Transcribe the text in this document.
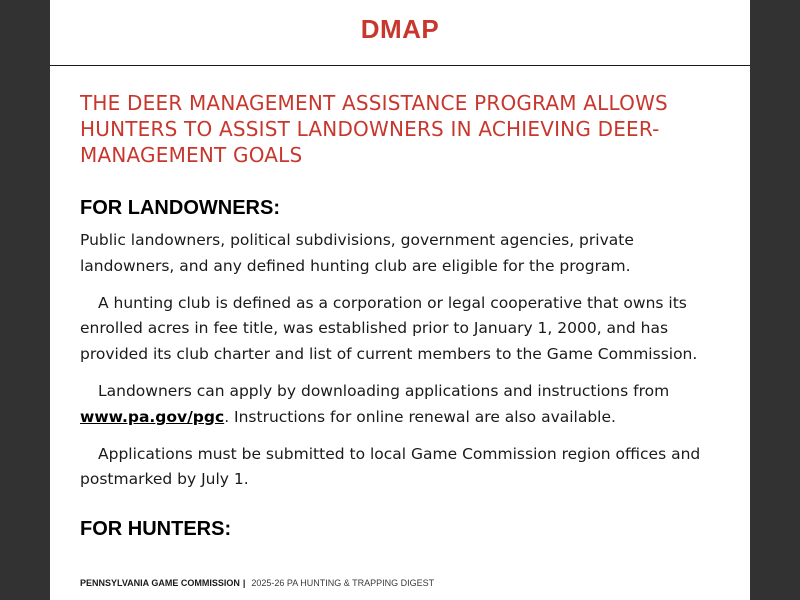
DMAP
THE DEER MANAGEMENT ASSISTANCE PROGRAM ALLOWS HUNTERS TO ASSIST LANDOWNERS IN ACHIEVING DEER-MANAGEMENT GOALS
FOR LANDOWNERS:

Public landowners, political subdivisions, government agencies, private landowners, and any defined hunting club are eligible for the program.

A hunting club is defined as a corporation or legal cooperative that owns its enrolled acres in fee title, was established prior to January 1, 2000, and has provided its club charter and list of current members to the Game Commission.

Landowners can apply by downloading applications and instructions from www.pa.gov/pgc. Instructions for online renewal are also available.

Applications must be submitted to local Game Commission region offices and postmarked by July 1.

FOR HUNTERS:
PENNSYLVANIA GAME COMMISSION | 2025-26 PA HUNTING & TRAPPING DIGEST
